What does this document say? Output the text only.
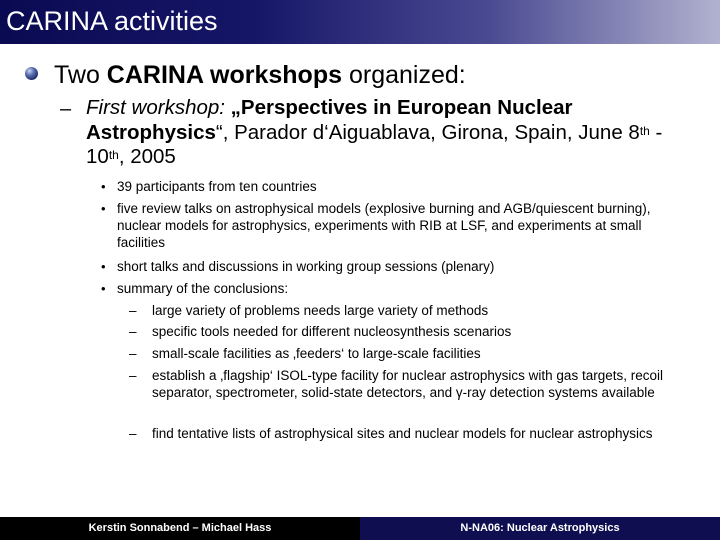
CARINA activities
Two CARINA workshops organized:
– First workshop: „Perspectives in European Nuclear Astrophysics“, Parador d‘Aiguablava, Girona, Spain, June 8th - 10th, 2005
• 39 participants from ten countries
• five review talks on astrophysical models (explosive burning and AGB/quiescent burning), nuclear models for astrophysics, experiments with RIB at LSF, and experiments at small facilities
• short talks and discussions in working group sessions (plenary)
• summary of the conclusions:
– large variety of problems needs large variety of methods
– specific tools needed for different nucleosynthesis scenarios
– small-scale facilities as ‚feeders‘ to large-scale facilities
– establish a ‚flagship‘ ISOL-type facility for nuclear astrophysics with gas targets, recoil separator, spectrometer, solid-state detectors, and γ-ray detection systems available
– find tentative lists of astrophysical sites and nuclear models for nuclear astrophysics
Kerstin Sonnabend – Michael Hass	N-NA06: Nuclear Astrophysics
